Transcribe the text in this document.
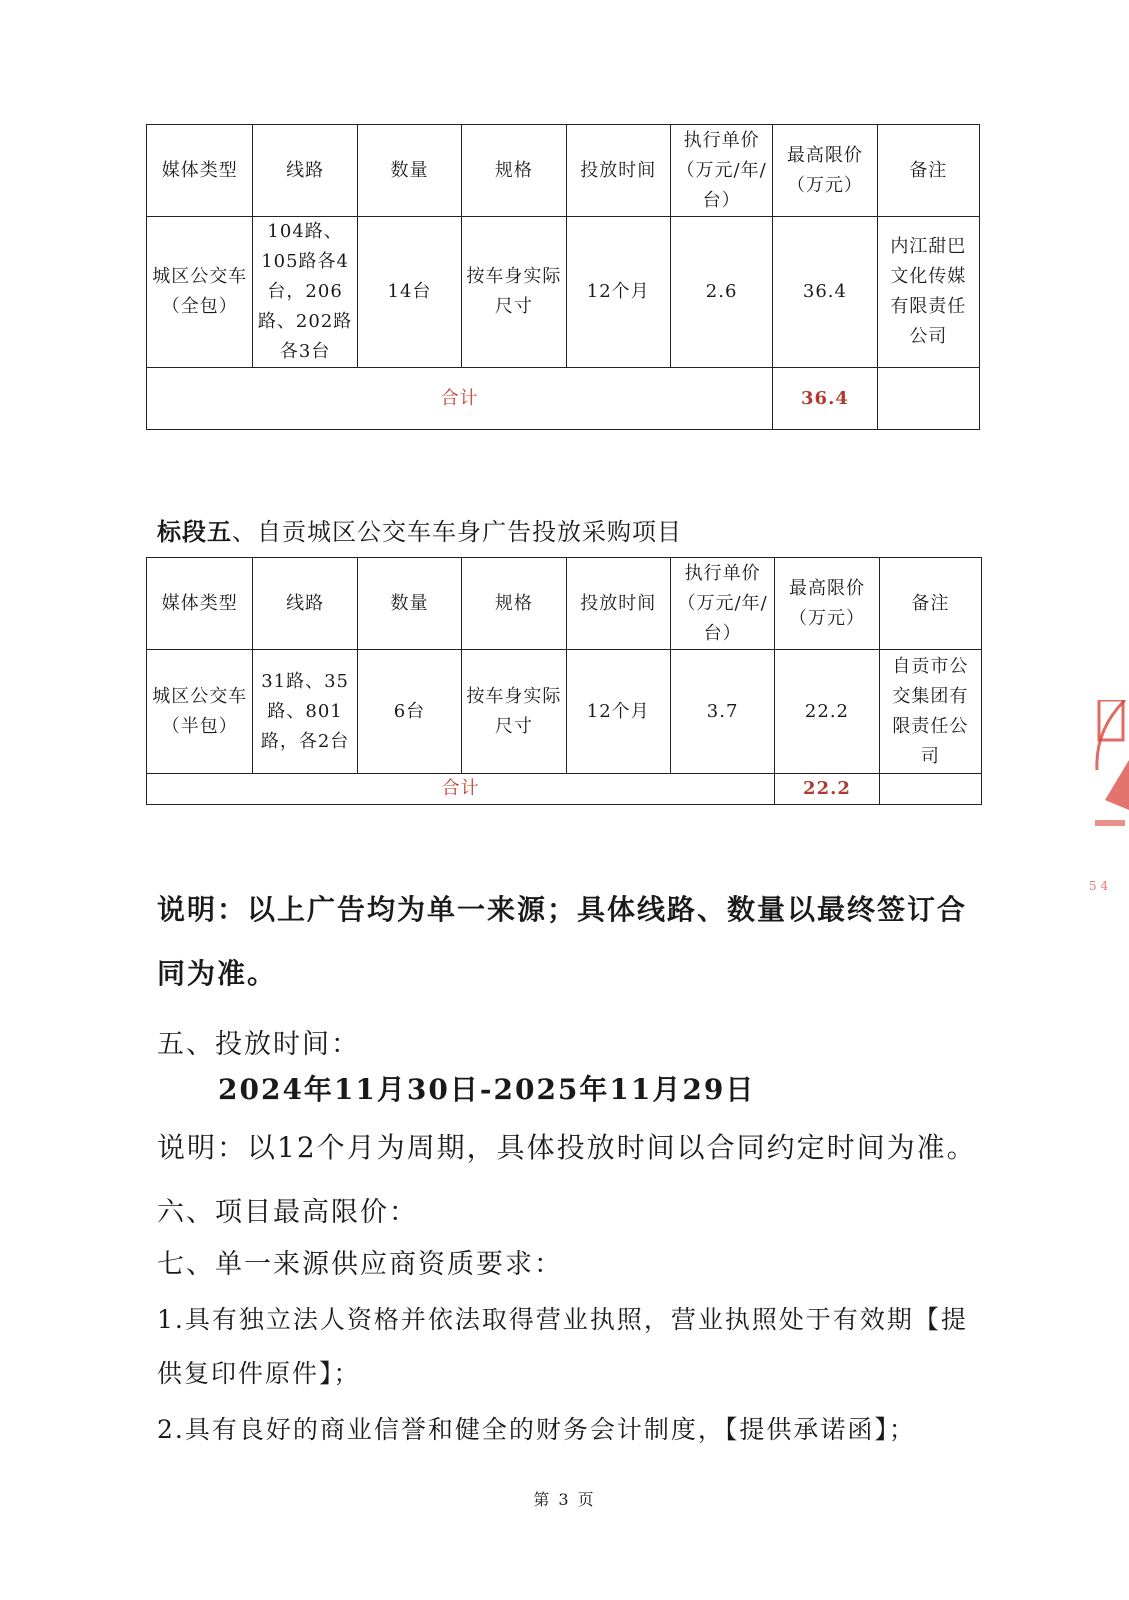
媒体类型	线路	数量	规格	投放时间	执行单价（万元/年/台）	最高限价（万元）	备注
城区公交车（全包）	104路、105路各4台，206路、202路各3台	14台	按车身实际尺寸	12个月	2.6	36.4	内江甜巴文化传媒有限责任公司
合计						36.4	
标段五、自贡城区公交车车身广告投放采购项目
媒体类型	线路	数量	规格	投放时间	执行单价（万元/年/台）	最高限价（万元）	备注
城区公交车（半包）	31路、35路、801路，各2台	6台	按车身实际尺寸	12个月	3.7	22.2	自贡市公交集团有限责任公司
合计						22.2	
说明：以上广告均为单一来源；具体线路、数量以最终签订合同为准。
五、投放时间：
2024年11月30日-2025年11月29日
说明：以12个月为周期，具体投放时间以合同约定时间为准。
六、项目最高限价：
七、单一来源供应商资质要求：
1.具有独立法人资格并依法取得营业执照，营业执照处于有效期【提供复印件原件】；
2.具有良好的商业信誉和健全的财务会计制度，【提供承诺函】；
第 3 页
5 4
